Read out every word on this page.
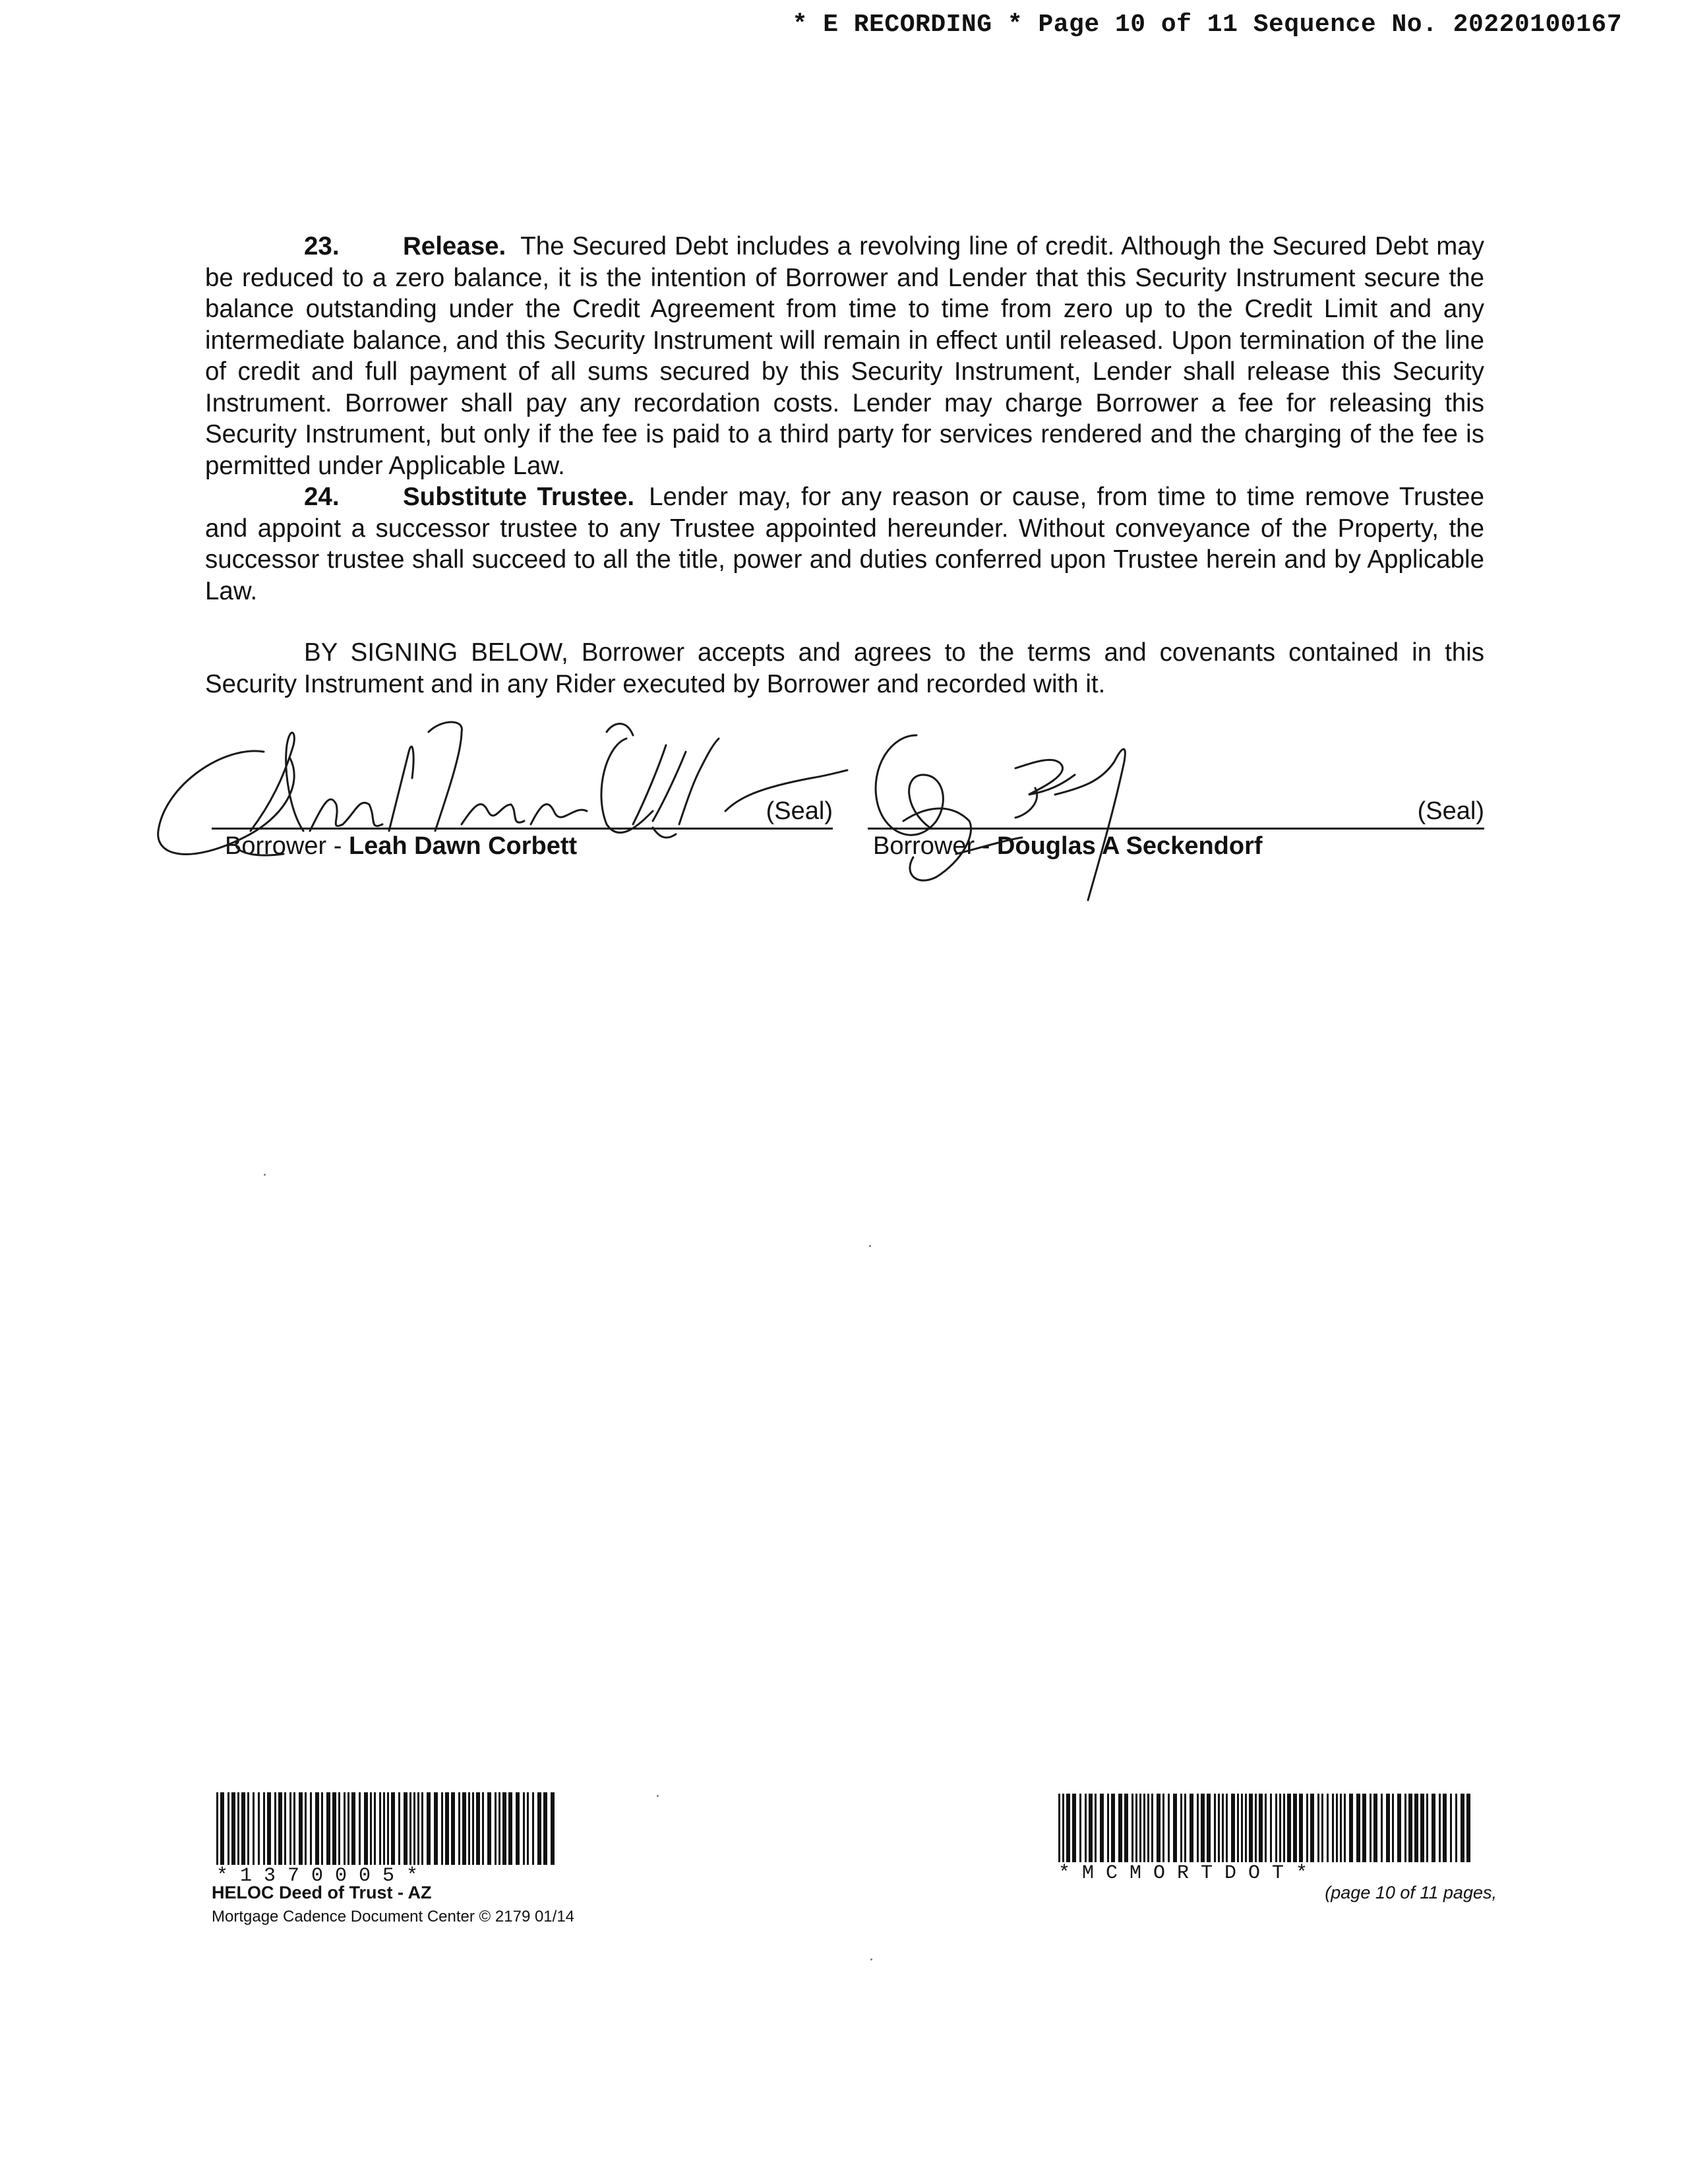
* E RECORDING * Page 10 of 11 Sequence No. 20220100167

23.	Release. The Secured Debt includes a revolving line of credit. Although the Secured Debt may be reduced to a zero balance, it is the intention of Borrower and Lender that this Security Instrument secure the balance outstanding under the Credit Agreement from time to time from zero up to the Credit Limit and any intermediate balance, and this Security Instrument will remain in effect until released. Upon termination of the line of credit and full payment of all sums secured by this Security Instrument, Lender shall release this Security Instrument. Borrower shall pay any recordation costs. Lender may charge Borrower a fee for releasing this Security Instrument, but only if the fee is paid to a third party for services rendered and the charging of the fee is permitted under Applicable Law.

24.	Substitute Trustee. Lender may, for any reason or cause, from time to time remove Trustee and appoint a successor trustee to any Trustee appointed hereunder. Without conveyance of the Property, the successor trustee shall succeed to all the title, power and duties conferred upon Trustee herein and by Applicable Law.

BY SIGNING BELOW, Borrower accepts and agrees to the terms and covenants contained in this Security Instrument and in any Rider executed by Borrower and recorded with it.

(Seal)
Borrower - Leah Dawn Corbett
(Seal)
Borrower - Douglas A Seckendorf
* 1 3 7 0 0 0 5 *	* M C M O R T D O T *
HELOC Deed of Trust - AZ
Mortgage Cadence Document Center © 2179 01/14
(page 10 of 11 pages,
